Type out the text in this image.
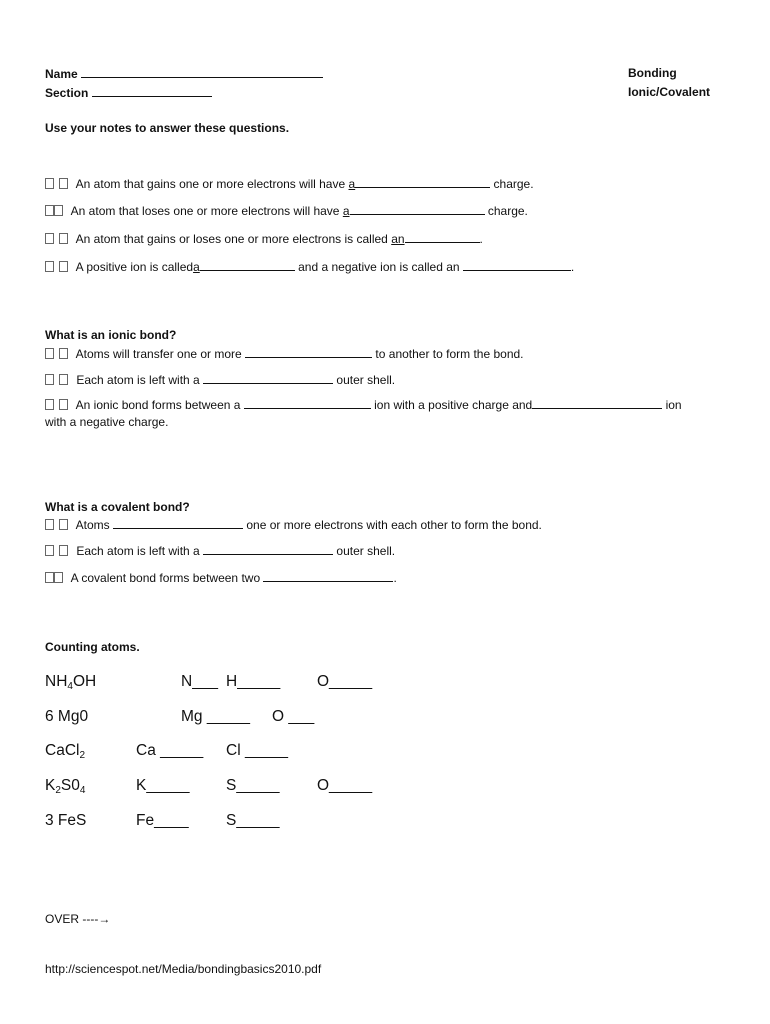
Name
Section
Bonding
Ionic/Covalent
Use your notes to answer these questions.
An atom that gains one or more electrons will have a	charge.
An atom that loses one or more electrons will have a	charge.
An atom that gains or loses one or more electrons is called an	.
A positive ion is calleda	and a negative ion is called an	.
What is an ionic bond?
Atoms will transfer one or more	to another to form the bond.
Each atom is left with a	outer shell.
An ionic bond forms between a	ion with a positive charge and	ion
with a negative charge.
What is a covalent bond?
Atoms	one or more electrons with each other to form the bond.
Each atom is left with a	outer shell.
A covalent bond forms between two	.
Counting atoms.
$NH_4OH$	N___ H_____ O_____
6 Mg0	Mg _____ O ___
CaCl$_2$	Ca _____ Cl _____
$K_2S0_4$	K_____ S_____ O_____
3 FeS	Fe____ S_____
OVER ----→
http://sciencespot.net/Media/bondingbasics2010.pdf
